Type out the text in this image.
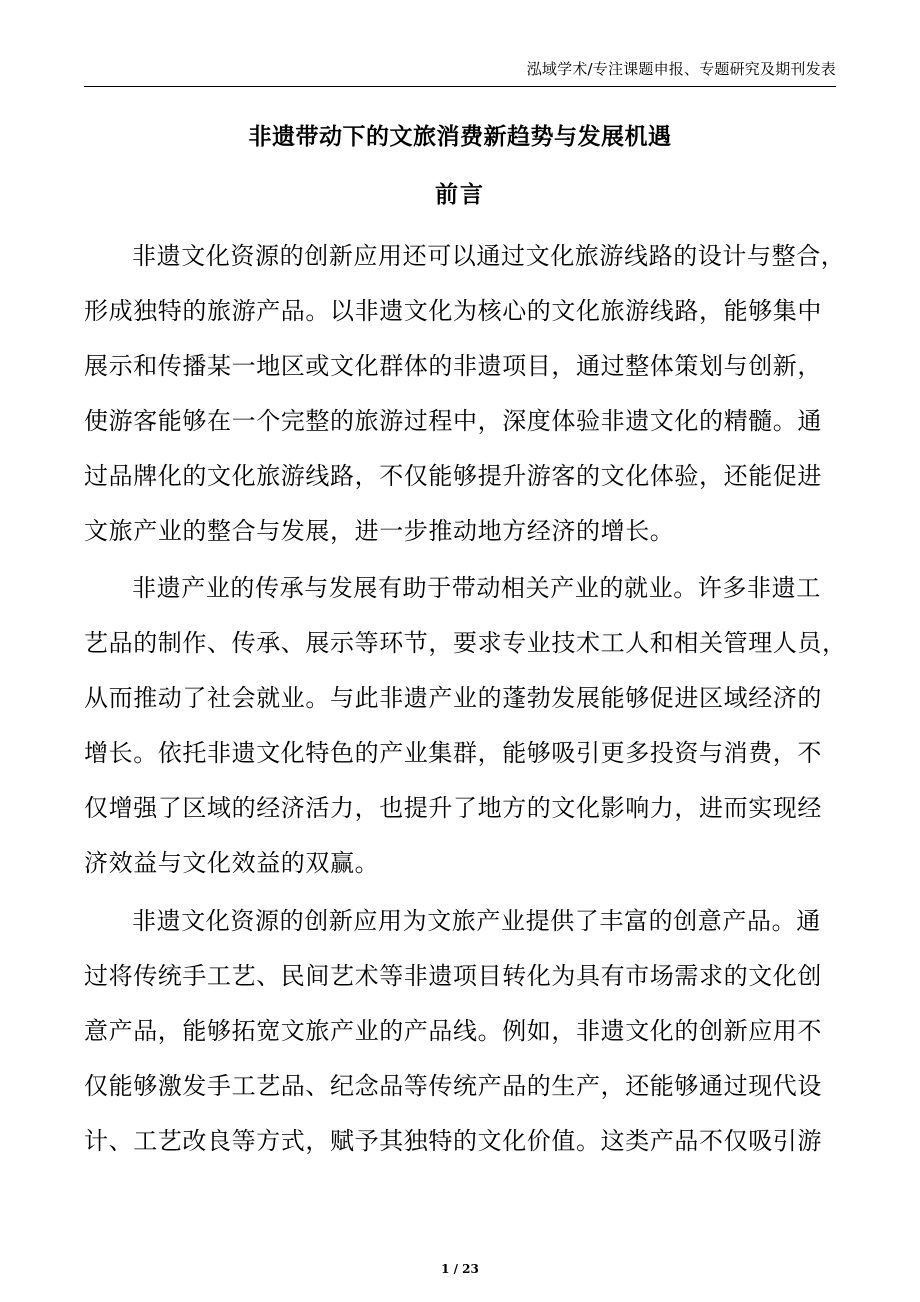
泓域学术/专注课题申报、专题研究及期刊发表
非遗带动下的文旅消费新趋势与发展机遇
前言
非遗文化资源的创新应用还可以通过文化旅游线路的设计与整合，
形成独特的旅游产品。以非遗文化为核心的文化旅游线路，能够集中
展示和传播某一地区或文化群体的非遗项目，通过整体策划与创新，
使游客能够在一个完整的旅游过程中，深度体验非遗文化的精髓。通
过品牌化的文化旅游线路，不仅能够提升游客的文化体验，还能促进
文旅产业的整合与发展，进一步推动地方经济的增长。
非遗产业的传承与发展有助于带动相关产业的就业。许多非遗工
艺品的制作、传承、展示等环节，要求专业技术工人和相关管理人员，
从而推动了社会就业。与此非遗产业的蓬勃发展能够促进区域经济的
增长。依托非遗文化特色的产业集群，能够吸引更多投资与消费，不
仅增强了区域的经济活力，也提升了地方的文化影响力，进而实现经
济效益与文化效益的双赢。
非遗文化资源的创新应用为文旅产业提供了丰富的创意产品。通
过将传统手工艺、民间艺术等非遗项目转化为具有市场需求的文化创
意产品，能够拓宽文旅产业的产品线。例如，非遗文化的创新应用不
仅能够激发手工艺品、纪念品等传统产品的生产，还能够通过现代设
计、工艺改良等方式，赋予其独特的文化价值。这类产品不仅吸引游
1 / 23
